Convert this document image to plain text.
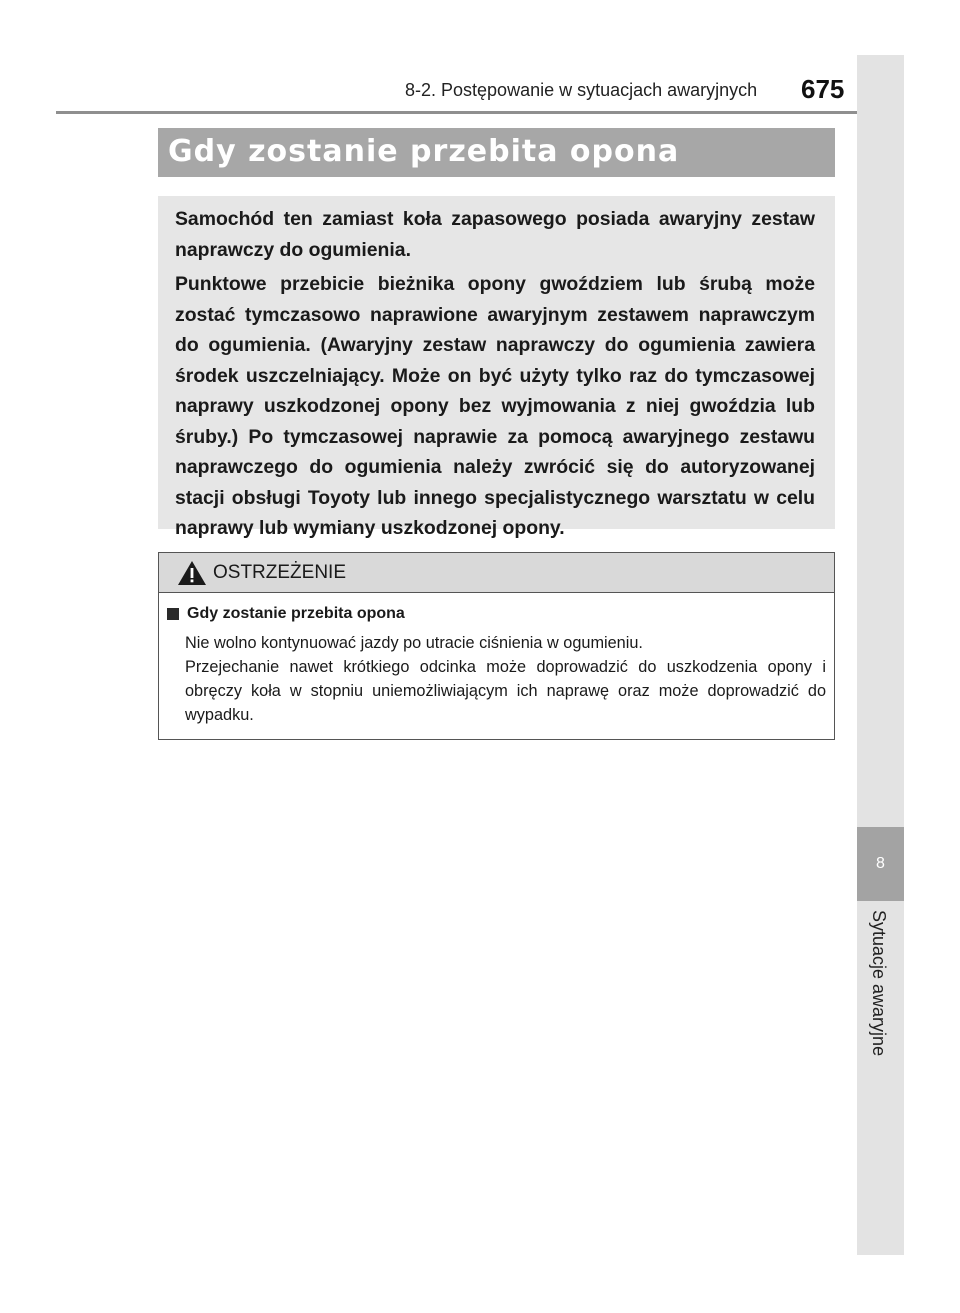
8-2. Postępowanie w sytuacjach awaryjnych 675
8
Sytuacje awaryjne
Gdy zostanie przebita opona

Samochód ten zamiast koła zapasowego posiada awaryjny zestaw naprawczy do ogumienia.

Punktowe przebicie bieżnika opony gwoździem lub śrubą może zostać tymczasowo naprawione awaryjnym zestawem naprawczym do ogumienia. (Awaryjny zestaw naprawczy do ogumienia zawiera środek uszczelniający. Może on być użyty tylko raz do tymczasowej naprawy uszkodzonej opony bez wyjmowania z niej gwoździa lub śruby.) Po tymczasowej naprawie za pomocą awaryjnego zestawu naprawczego do ogumienia należy zwrócić się do autoryzowanej stacji obsługi Toyoty lub innego specjalistycznego warsztatu w celu naprawy lub wymiany uszkodzonej opony.

OSTRZEŻENIE
Gdy zostanie przebita opona
Nie wolno kontynuować jazdy po utracie ciśnienia w ogumieniu.
Przejechanie nawet krótkiego odcinka może doprowadzić do uszkodzenia opony i obręczy koła w stopniu uniemożliwiającym ich naprawę oraz może doprowadzić do wypadku.
